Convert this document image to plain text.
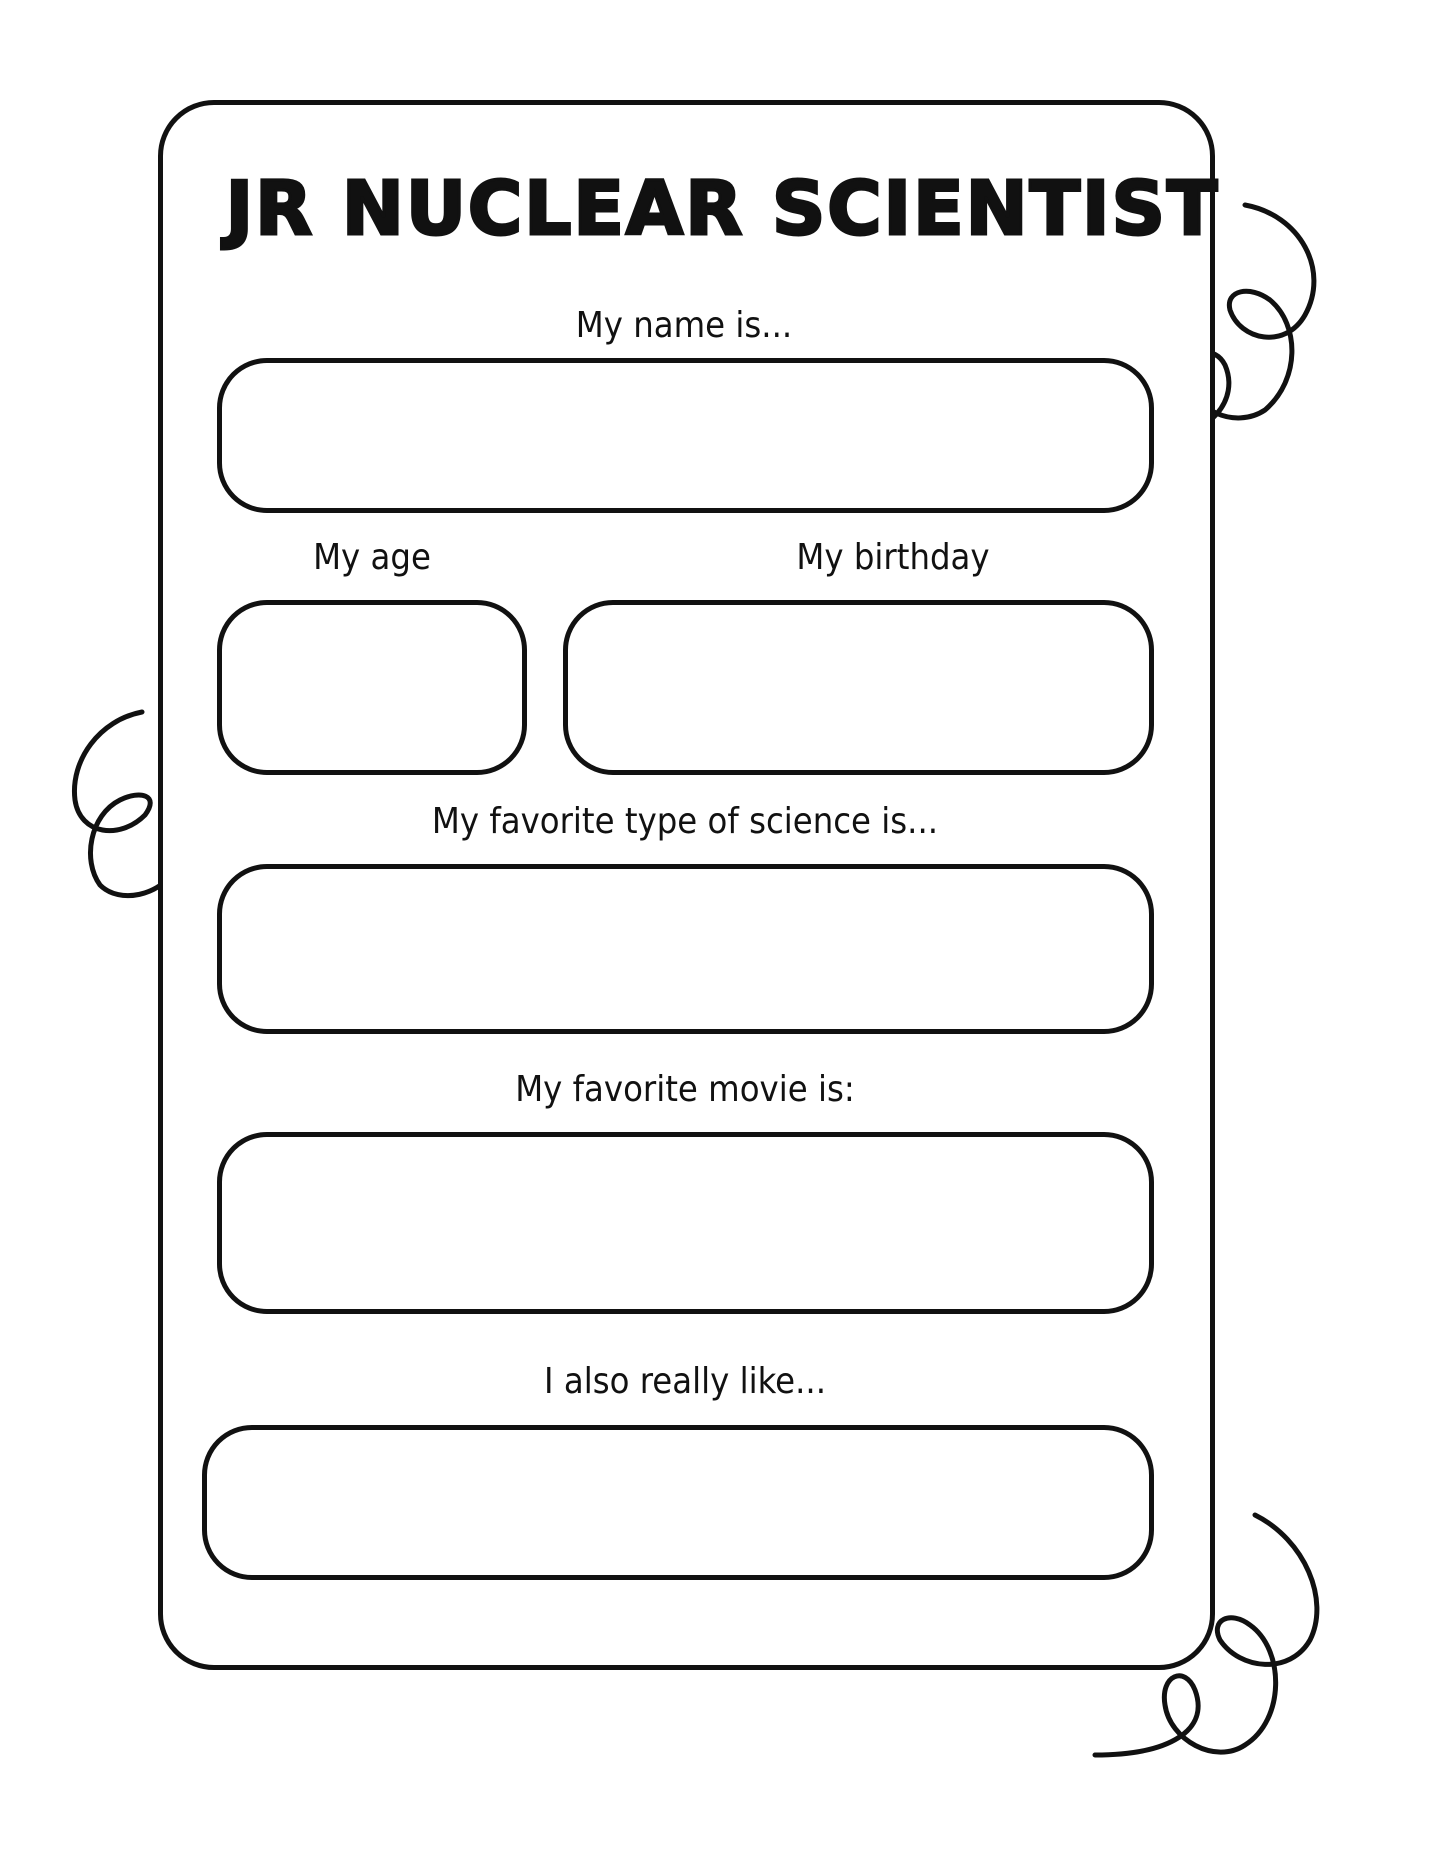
JR NUCLEAR SCIENTIST
My name is...
My age	My birthday
My favorite type of science is...
My favorite movie is:
I also really like...
